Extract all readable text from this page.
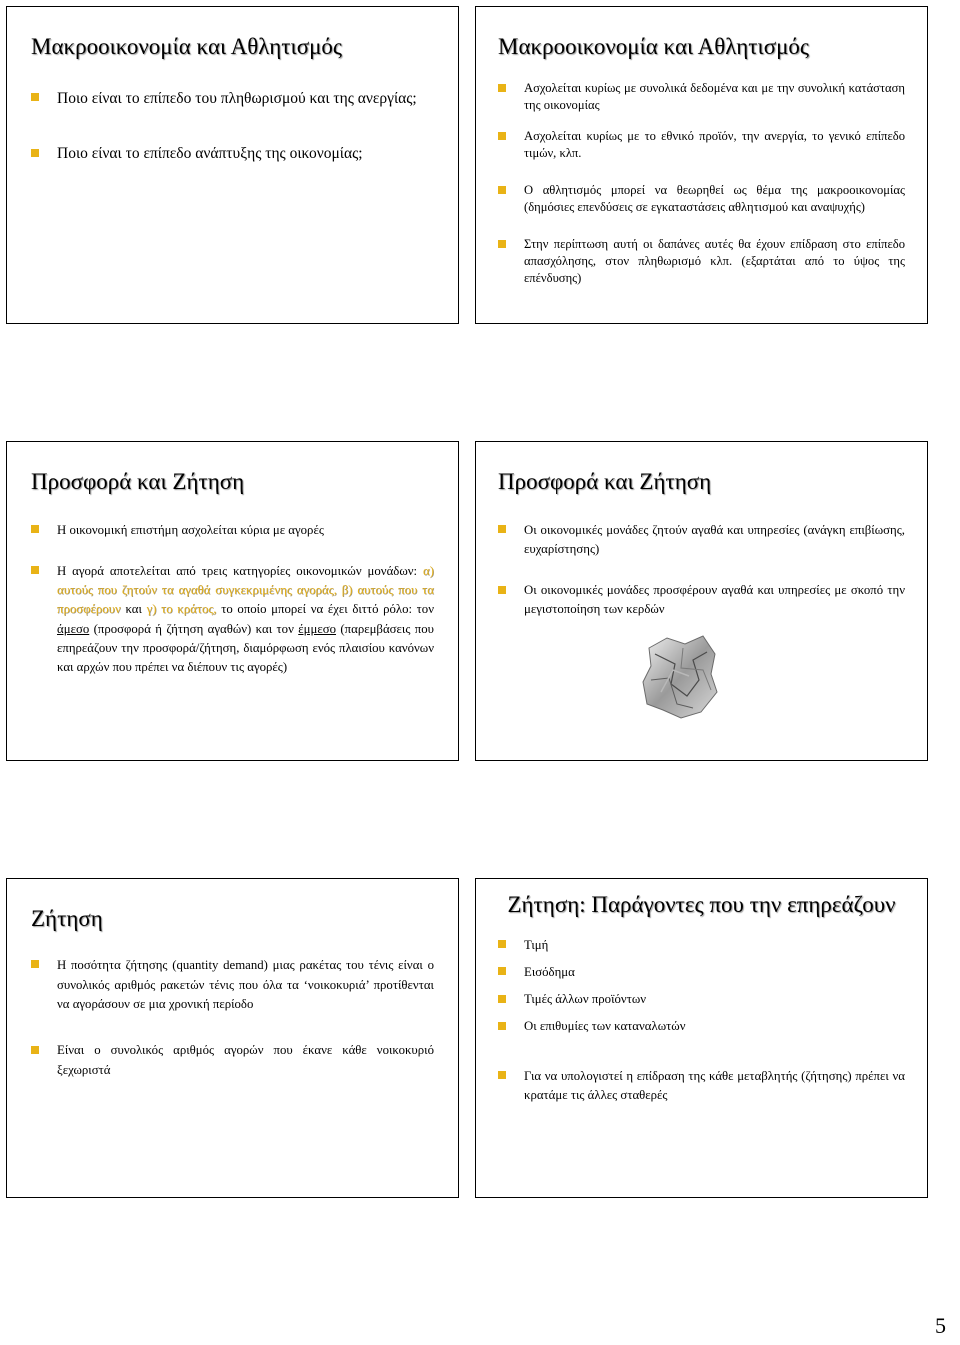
Μακροοικονομία και Αθλητισμός
Ποιο είναι το επίπεδο του πληθωρισμού και της ανεργίας;
Ποιο είναι το επίπεδο ανάπτυξης της οικονομίας;
Μακροοικονομία και Αθλητισμός
Ασχολείται κυρίως με συνολικά δεδομένα και με την συνολική κατάσταση της οικονομίας
Ασχολείται κυρίως με το εθνικό προϊόν, την ανεργία, το γενικό επίπεδο τιμών, κλπ.
Ο αθλητισμός μπορεί να θεωρηθεί ως θέμα της μακροοικονομίας (δημόσιες επενδύσεις σε εγκαταστάσεις αθλητισμού και αναψυχής)
Στην περίπτωση αυτή οι δαπάνες αυτές θα έχουν επίδραση στο επίπεδο απασχόλησης, στον πληθωρισμό κλπ. (εξαρτάται από το ύψος της επένδυσης)
Προσφορά και Ζήτηση
Η οικονομική επιστήμη ασχολείται κύρια με αγορές
Η αγορά αποτελείται από τρεις κατηγορίες οικονομικών μονάδων: α) αυτούς που ζητούν τα αγαθά συγκεκριμένης αγοράς, β) αυτούς που τα προσφέρουν και γ) το κράτος, το οποίο μπορεί να έχει διττό ρόλο: τον άμεσο (προσφορά ή ζήτηση αγαθών) και τον έμμεσο (παρεμβάσεις που επηρεάζουν την προσφορά/ζήτηση, διαμόρφωση ενός πλαισίου κανόνων και αρχών που πρέπει να διέπουν τις αγορές)
Προσφορά και Ζήτηση
Οι οικονομικές μονάδες ζητούν αγαθά και υπηρεσίες (ανάγκη επιβίωσης, ευχαρίστησης)
Οι οικονομικές μονάδες προσφέρουν αγαθά και υπηρεσίες με σκοπό την μεγιστοποίηση των κερδών
Ζήτηση
Η ποσότητα ζήτησης (quantity demand) μιας ρακέτας του τένις είναι ο συνολικός αριθμός ρακετών τένις που όλα τα ‘νοικοκυριά’ προτίθενται να αγοράσουν σε μια χρονική περίοδο
Είναι ο συνολικός αριθμός αγορών που έκανε κάθε νοικοκυριό ξεχωριστά
Ζήτηση: Παράγοντες που την επηρεάζουν
Τιμή
Εισόδημα
Τιμές άλλων προϊόντων
Οι επιθυμίες των καταναλωτών
Για να υπολογιστεί η επίδραση της κάθε μεταβλητής (ζήτησης) πρέπει να κρατάμε τις άλλες σταθερές
5
